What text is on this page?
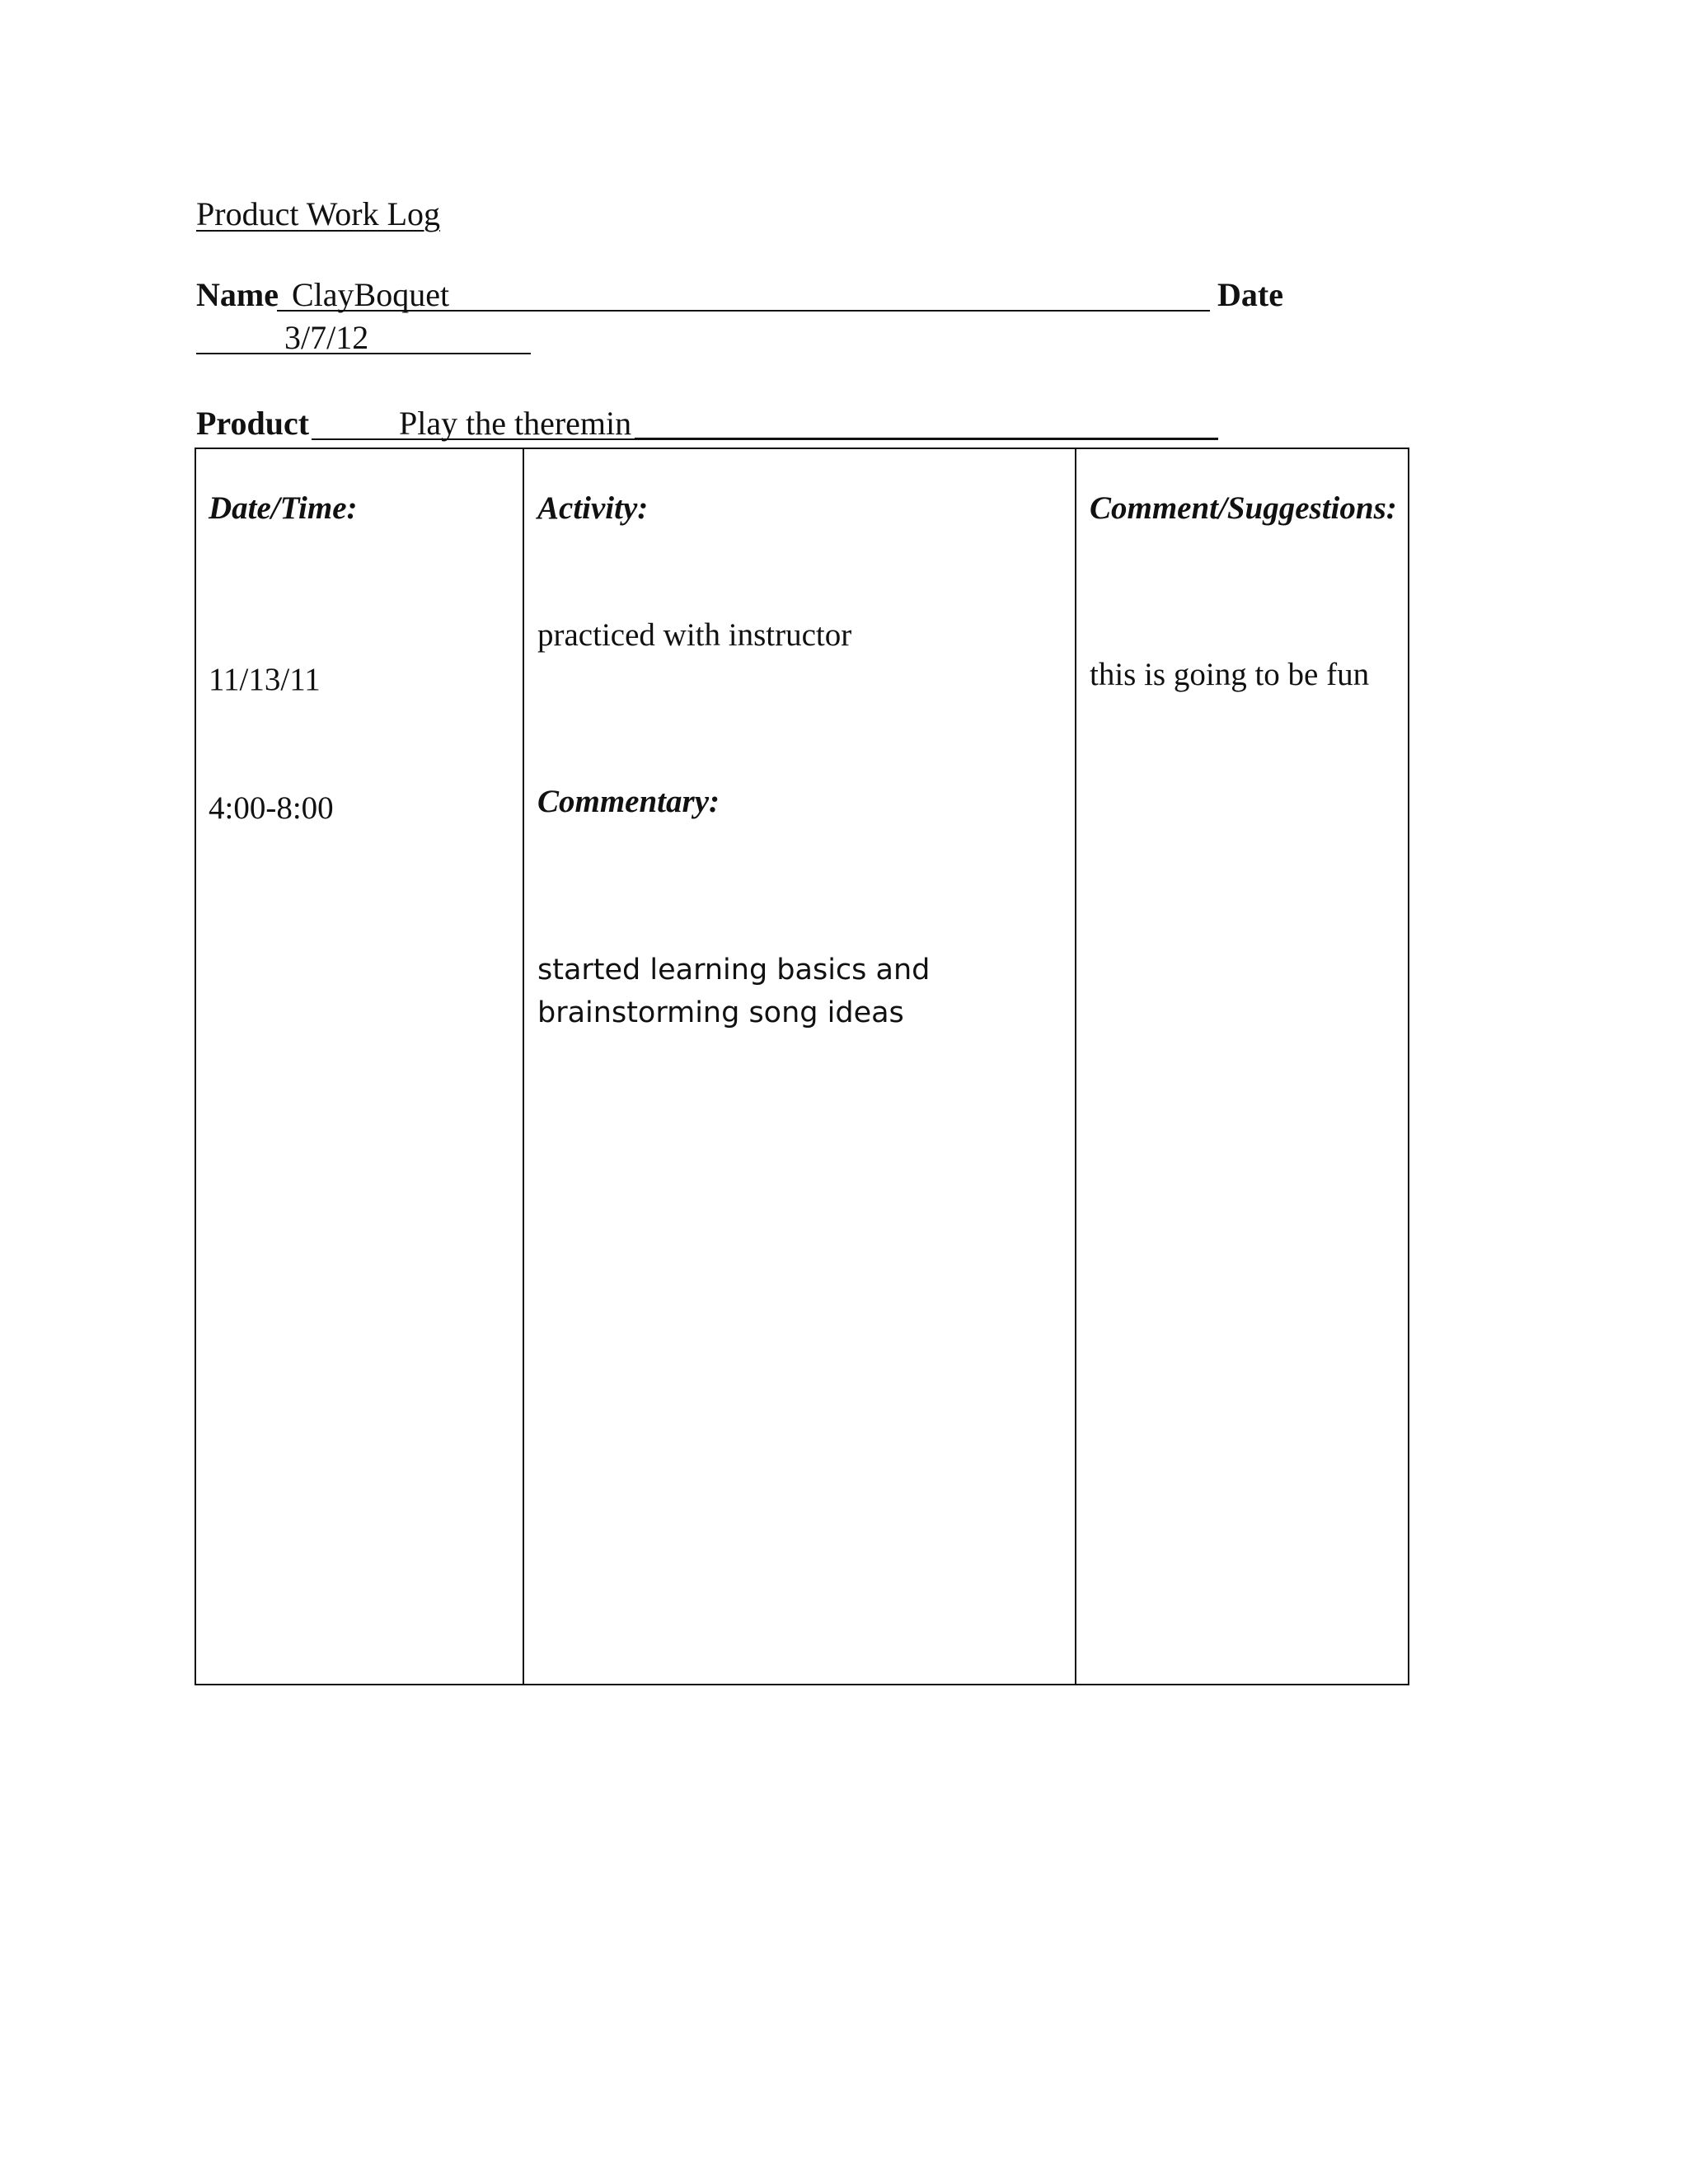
Product Work Log
Name ClayBoquet	Date
3/7/12
Product	Play the theremin
Date/Time:
11/13/11
4:00-8:00
Activity:
practiced with instructor
Commentary:
started learning basics and brainstorming song ideas
Comment/Suggestions:
this is going to be fun
